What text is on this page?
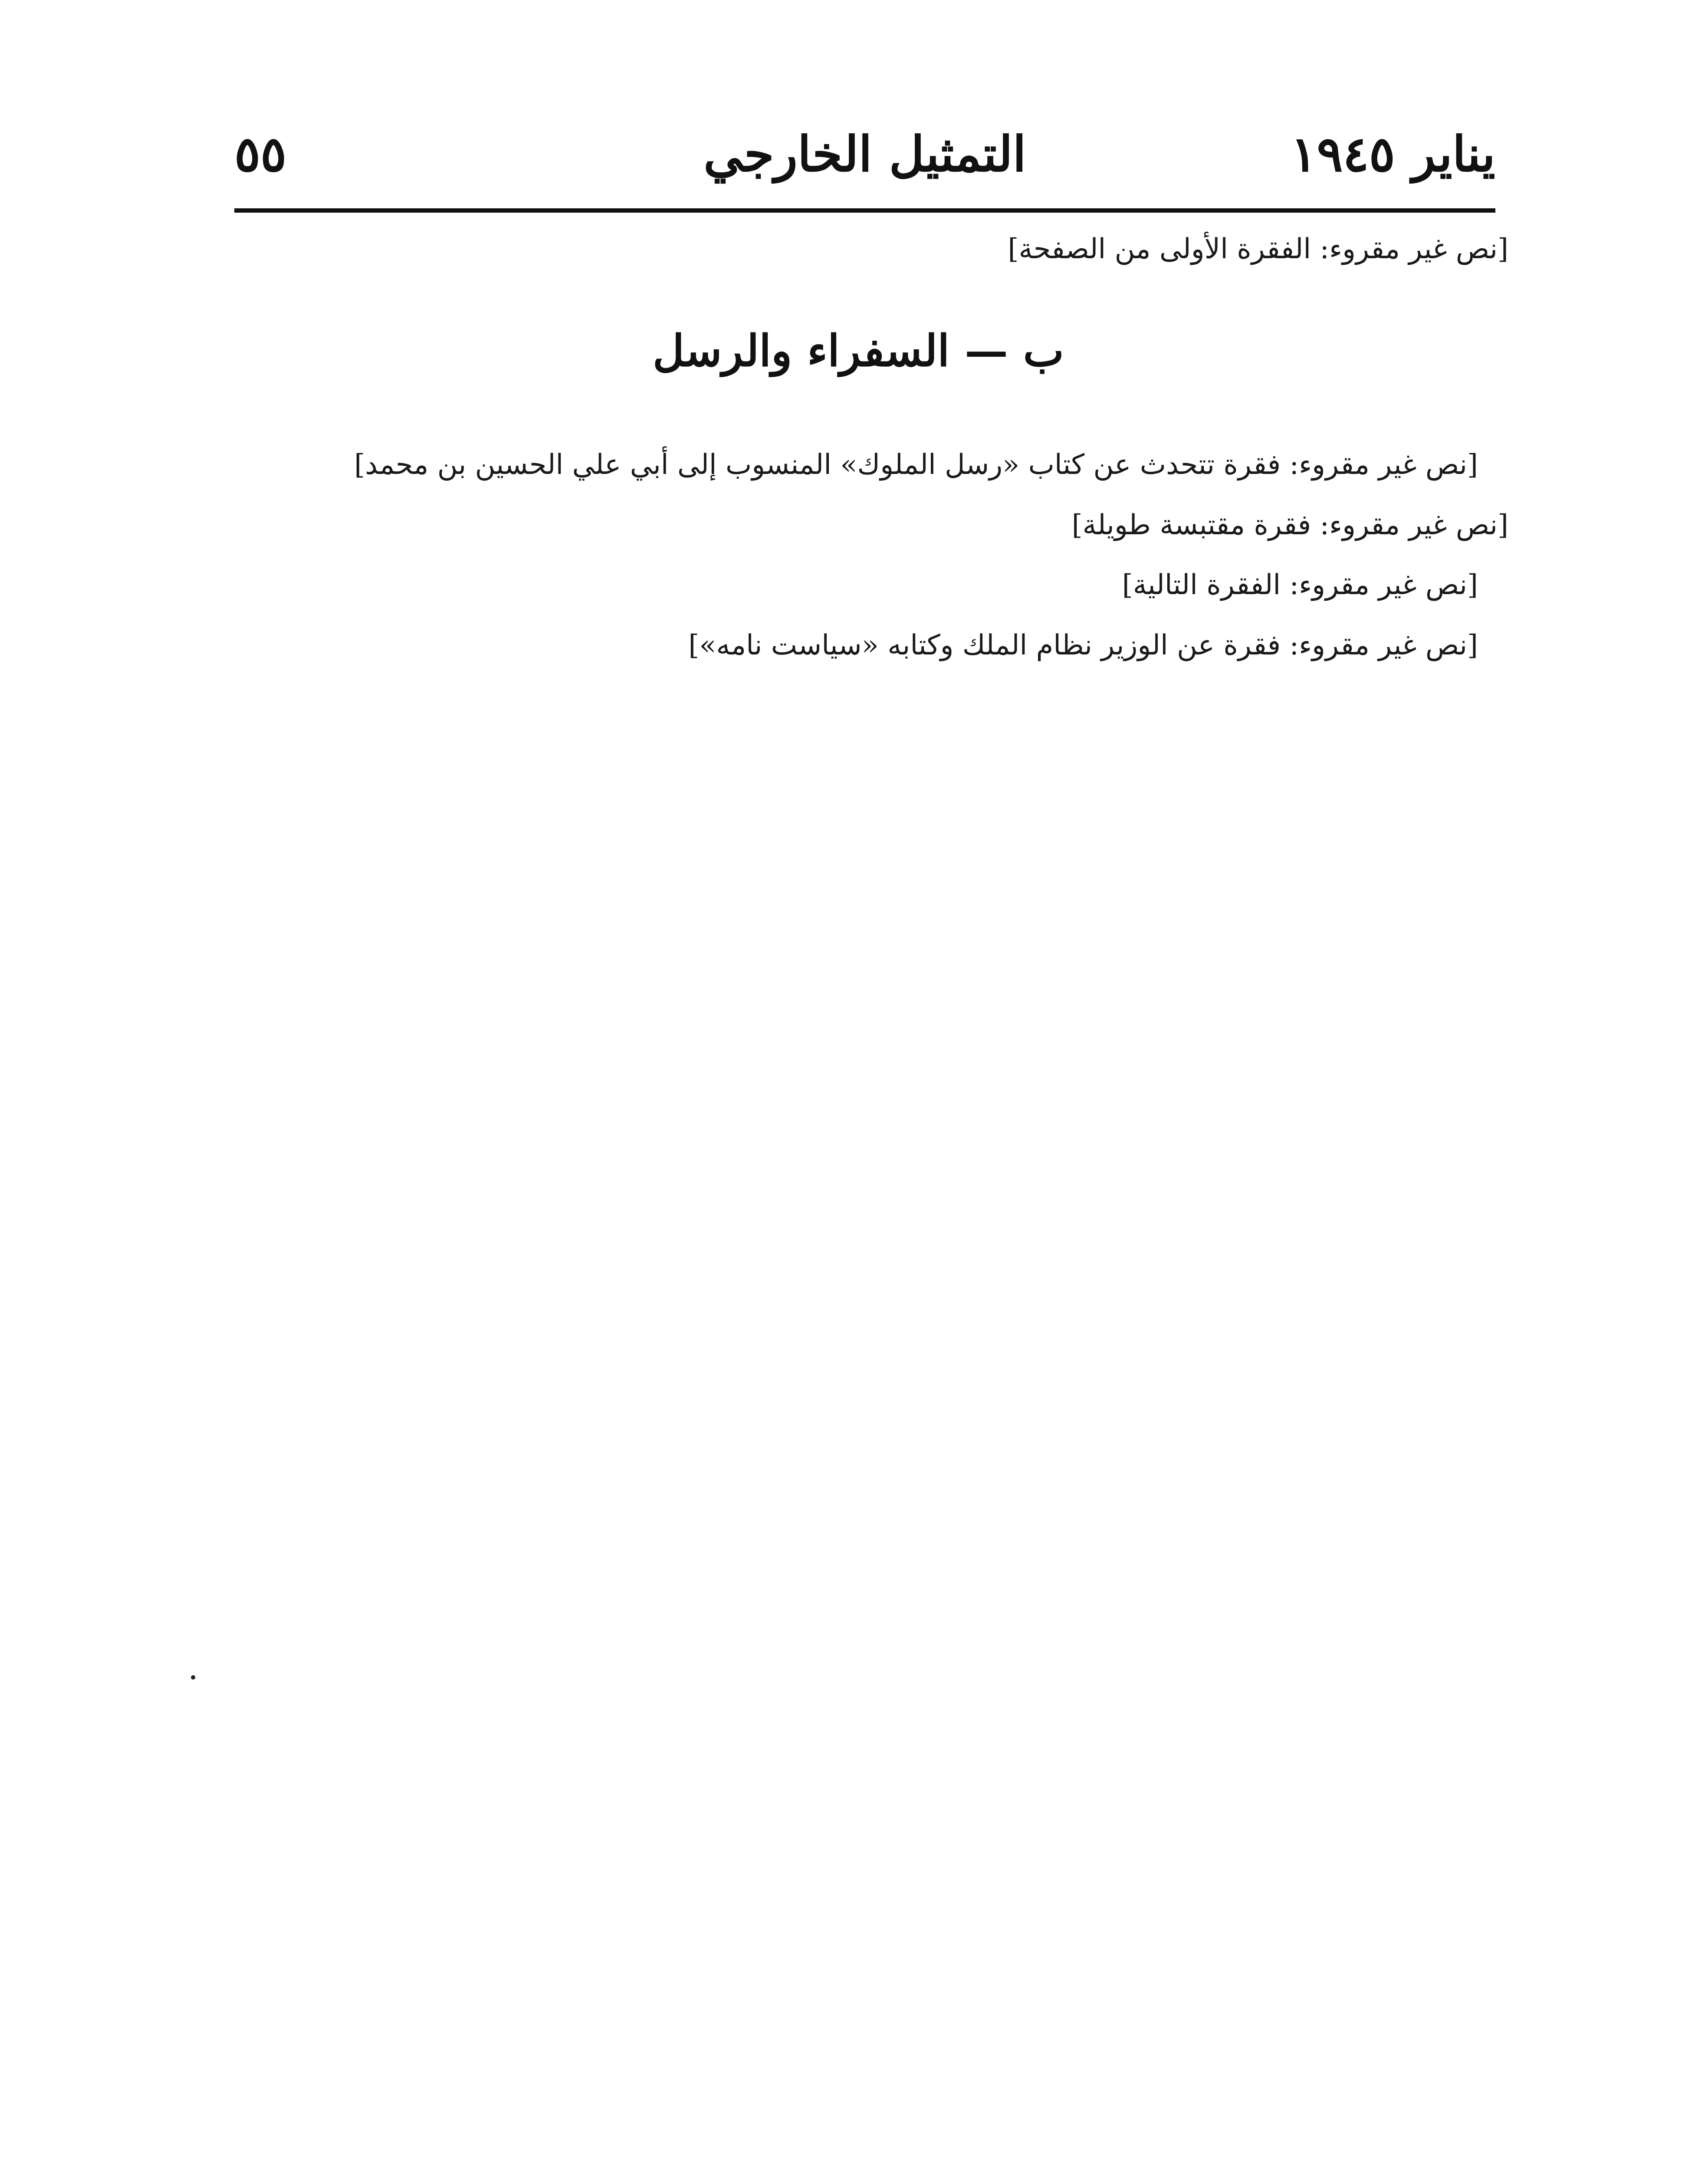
يناير ١٩٤٥
التمثيل الخارجي
٥٥

[نص غير مقروء: الفقرة الأولى من الصفحة]

ب — السفراء والرسل

[نص غير مقروء: فقرة تتحدث عن كتاب «رسل الملوك» المنسوب إلى أبي علي الحسين بن محمد]

[نص غير مقروء: فقرة مقتبسة طويلة]

[نص غير مقروء: الفقرة التالية]

[نص غير مقروء: فقرة عن الوزير نظام الملك وكتابه «سياست نامه»]
